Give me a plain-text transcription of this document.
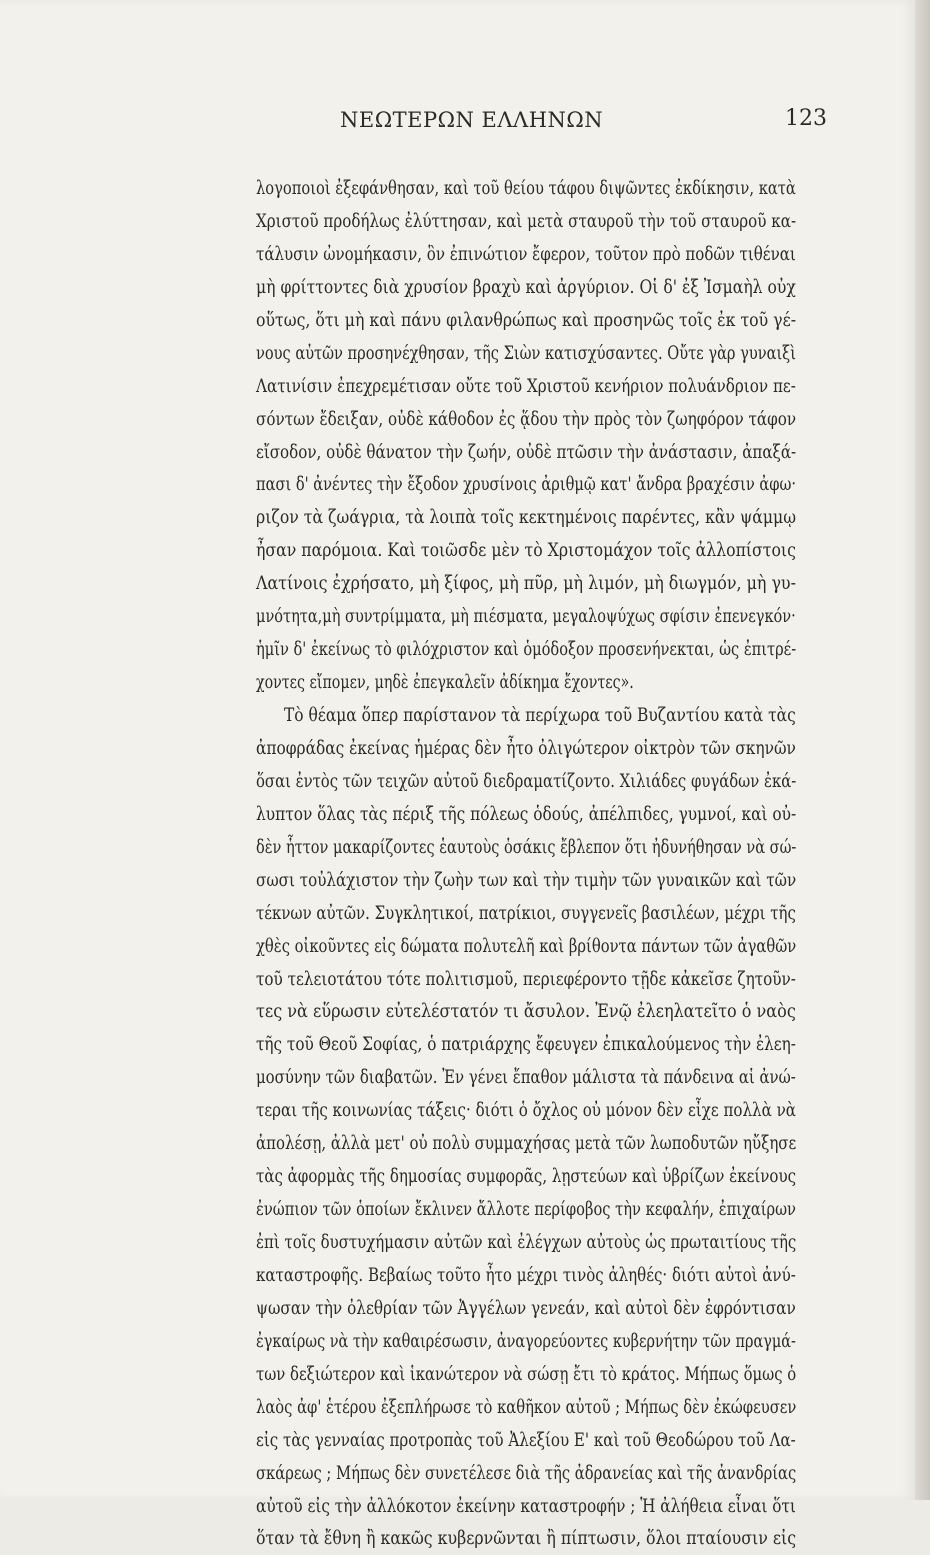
ΝΕΩΤΕΡΩΝ ΕΛΛΗΝΩΝ	123
λογοποιοὶ ἐξεφάνθησαν, καὶ τοῦ θείου τάφου διψῶντες ἐκδίκησιν, κατὰ
Χριστοῦ προδήλως ἐλύττησαν, καὶ μετὰ σταυροῦ τὴν τοῦ σταυροῦ κα-
τάλυσιν ὠνομήκασιν, ὃν ἐπινώτιον ἔφερον, τοῦτον πρὸ ποδῶν τιθέναι
μὴ φρίττοντες διὰ χρυσίον βραχὺ καὶ ἀργύριον. Οἱ δ' ἐξ Ἰσμαὴλ οὐχ
οὕτως, ὅτι μὴ καὶ πάνυ φιλανθρώπως καὶ προσηνῶς τοῖς ἐκ τοῦ γέ-
νους αὐτῶν προσηνέχθησαν, τῆς Σιὼν κατισχύσαντες. Οὔτε γὰρ γυναιξὶ
Λατινίσιν ἐπεχρεμέτισαν οὔτε τοῦ Χριστοῦ κενήριον πολυάνδριον πε-
σόντων ἔδειξαν, οὐδὲ κάθοδον ἐς ᾅδου τὴν πρὸς τὸν ζωηφόρον τάφον
εἴσοδον, οὐδὲ θάνατον τὴν ζωήν, οὐδὲ πτῶσιν τὴν ἀνάστασιν, ἀπαξά-
πασι δ' ἀνέντες τὴν ἔξοδον χρυσίνοις ἀριθμῷ κατ' ἄνδρα βραχέσιν ἀφω·
ριζον τὰ ζωάγρια, τὰ λοιπὰ τοῖς κεκτημένοις παρέντες, κἂν ψάμμῳ
ἦσαν παρόμοια. Καὶ τοιῶσδε μὲν τὸ Χριστομάχον τοῖς ἀλλοπίστοις
Λατίνοις ἐχρήσατο, μὴ ξίφος, μὴ πῦρ, μὴ λιμόν, μὴ διωγμόν, μὴ γυ-
μνότητα,μὴ συντρίμματα, μὴ πιέσματα, μεγαλοψύχως σφίσιν ἐπενεγκόν·
ἡμῖν δ' ἐκείνως τὸ φιλόχριστον καὶ ὁμόδοξον προσενήνεκται, ὡς ἐπιτρέ-
χοντες εἴπομεν, μηδὲ ἐπεγκαλεῖν ἀδίκημα ἔχοντες».
Τὸ θέαμα ὅπερ παρίστανον τὰ περίχωρα τοῦ Βυζαντίου κατὰ τὰς
ἀποφράδας ἐκείνας ἡμέρας δὲν ἦτο ὀλιγώτερον οἰκτρὸν τῶν σκηνῶν
ὅσαι ἐντὸς τῶν τειχῶν αὐτοῦ διεδραματίζοντο. Χιλιάδες φυγάδων ἐκά-
λυπτον ὅλας τὰς πέριξ τῆς πόλεως ὁδούς, ἀπέλπιδες, γυμνοί, καὶ οὐ-
δὲν ἧττον μακαρίζοντες ἑαυτοὺς ὁσάκις ἔβλεπον ὅτι ἠδυνήθησαν νὰ σώ-
σωσι τοὐλάχιστον τὴν ζωὴν των καὶ τὴν τιμὴν τῶν γυναικῶν καὶ τῶν
τέκνων αὐτῶν. Συγκλητικοί, πατρίκιοι, συγγενεῖς βασιλέων, μέχρι τῆς
χθὲς οἰκοῦντες εἰς δώματα πολυτελῆ καὶ βρίθοντα πάντων τῶν ἀγαθῶν
τοῦ τελειοτάτου τότε πολιτισμοῦ, περιεφέροντο τῇδε κἀκεῖσε ζητοῦν-
τες νὰ εὕρωσιν εὐτελέστατόν τι ἄσυλον. Ἐνῷ ἐλεηλατεῖτο ὁ ναὸς
τῆς τοῦ Θεοῦ Σοφίας, ὁ πατριάρχης ἔφευγεν ἐπικαλούμενος τὴν ἐλεη-
μοσύνην τῶν διαβατῶν. Ἐν γένει ἔπαθον μάλιστα τὰ πάνδεινα αἱ ἀνώ-
τεραι τῆς κοινωνίας τάξεις· διότι ὁ ὄχλος οὐ μόνον δὲν εἶχε πολλὰ νὰ
ἀπολέσῃ, ἀλλὰ μετ' οὐ πολὺ συμμαχήσας μετὰ τῶν λωποδυτῶν ηὔξησε
τὰς ἀφορμὰς τῆς δημοσίας συμφορᾶς, λῃστεύων καὶ ὑβρίζων ἐκείνους
ἐνώπιον τῶν ὁποίων ἔκλινεν ἄλλοτε περίφοβος τὴν κεφαλήν, ἐπιχαίρων
ἐπὶ τοῖς δυστυχήμασιν αὐτῶν καὶ ἐλέγχων αὐτοὺς ὡς πρωταιτίους τῆς
καταστροφῆς. Βεβαίως τοῦτο ἦτο μέχρι τινὸς ἀληθές· διότι αὐτοὶ ἀνύ-
ψωσαν τὴν ὀλεθρίαν τῶν Ἀγγέλων γενεάν, καὶ αὐτοὶ δὲν ἐφρόντισαν
ἐγκαίρως νὰ τὴν καθαιρέσωσιν, ἀναγορεύοντες κυβερνήτην τῶν πραγμά-
των δεξιώτερον καὶ ἱκανώτερον νὰ σώσῃ ἔτι τὸ κράτος. Μήπως ὅμως ὁ
λαὸς ἀφ' ἑτέρου ἐξεπλήρωσε τὸ καθῆκον αὐτοῦ ; Μήπως δὲν ἐκώφευσεν
εἰς τὰς γενναίας προτροπὰς τοῦ Ἀλεξίου Ε' καὶ τοῦ Θεοδώρου τοῦ Λα-
σκάρεως ; Μήπως δὲν συνετέλεσε διὰ τῆς ἀδρανείας καὶ τῆς ἀνανδρίας
αὐτοῦ εἰς τὴν ἀλλόκοτον ἐκείνην καταστροφήν ; Ἡ ἀλήθεια εἶναι ὅτι
ὅταν τὰ ἔθνη ἢ κακῶς κυβερνῶνται ἢ πίπτωσιν, ὅλοι πταίουσιν εἰς
